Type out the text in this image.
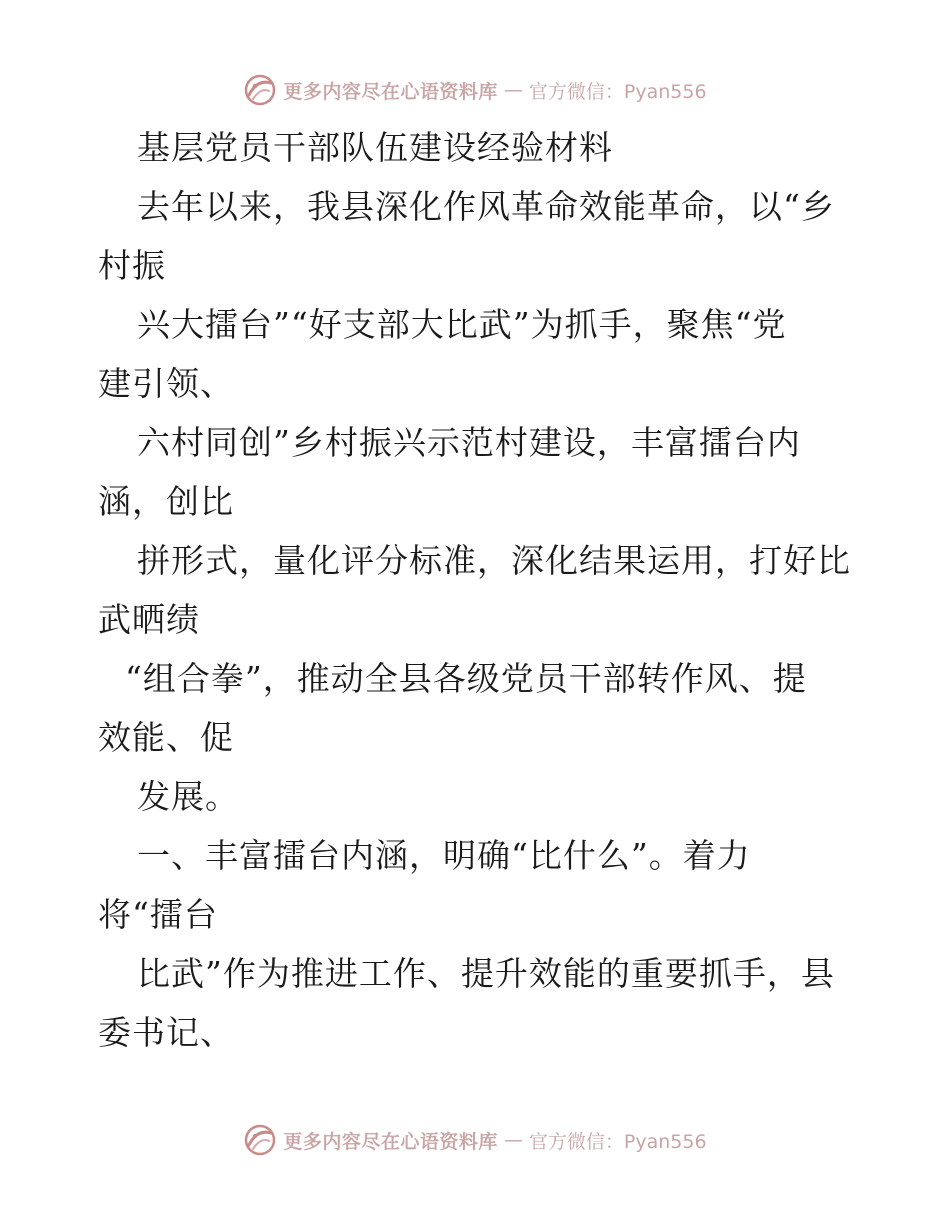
更多内容尽在心语资料库 — 官方微信：Pyan556
基层党员干部队伍建设经验材料
去年以来，我县深化作风革命效能革命，以“乡
村振
兴大擂台”“好支部大比武”为抓手，聚焦“党
建引领、
六村同创”乡村振兴示范村建设，丰富擂台内
涵，创比
拼形式，量化评分标准，深化结果运用，打好比
武晒绩
“组合拳”，推动全县各级党员干部转作风、提
效能、促
发展。
一、丰富擂台内涵，明确“比什么”。着力
将“擂台
比武”作为推进工作、提升效能的重要抓手，县
委书记、
更多内容尽在心语资料库 — 官方微信：Pyan556
